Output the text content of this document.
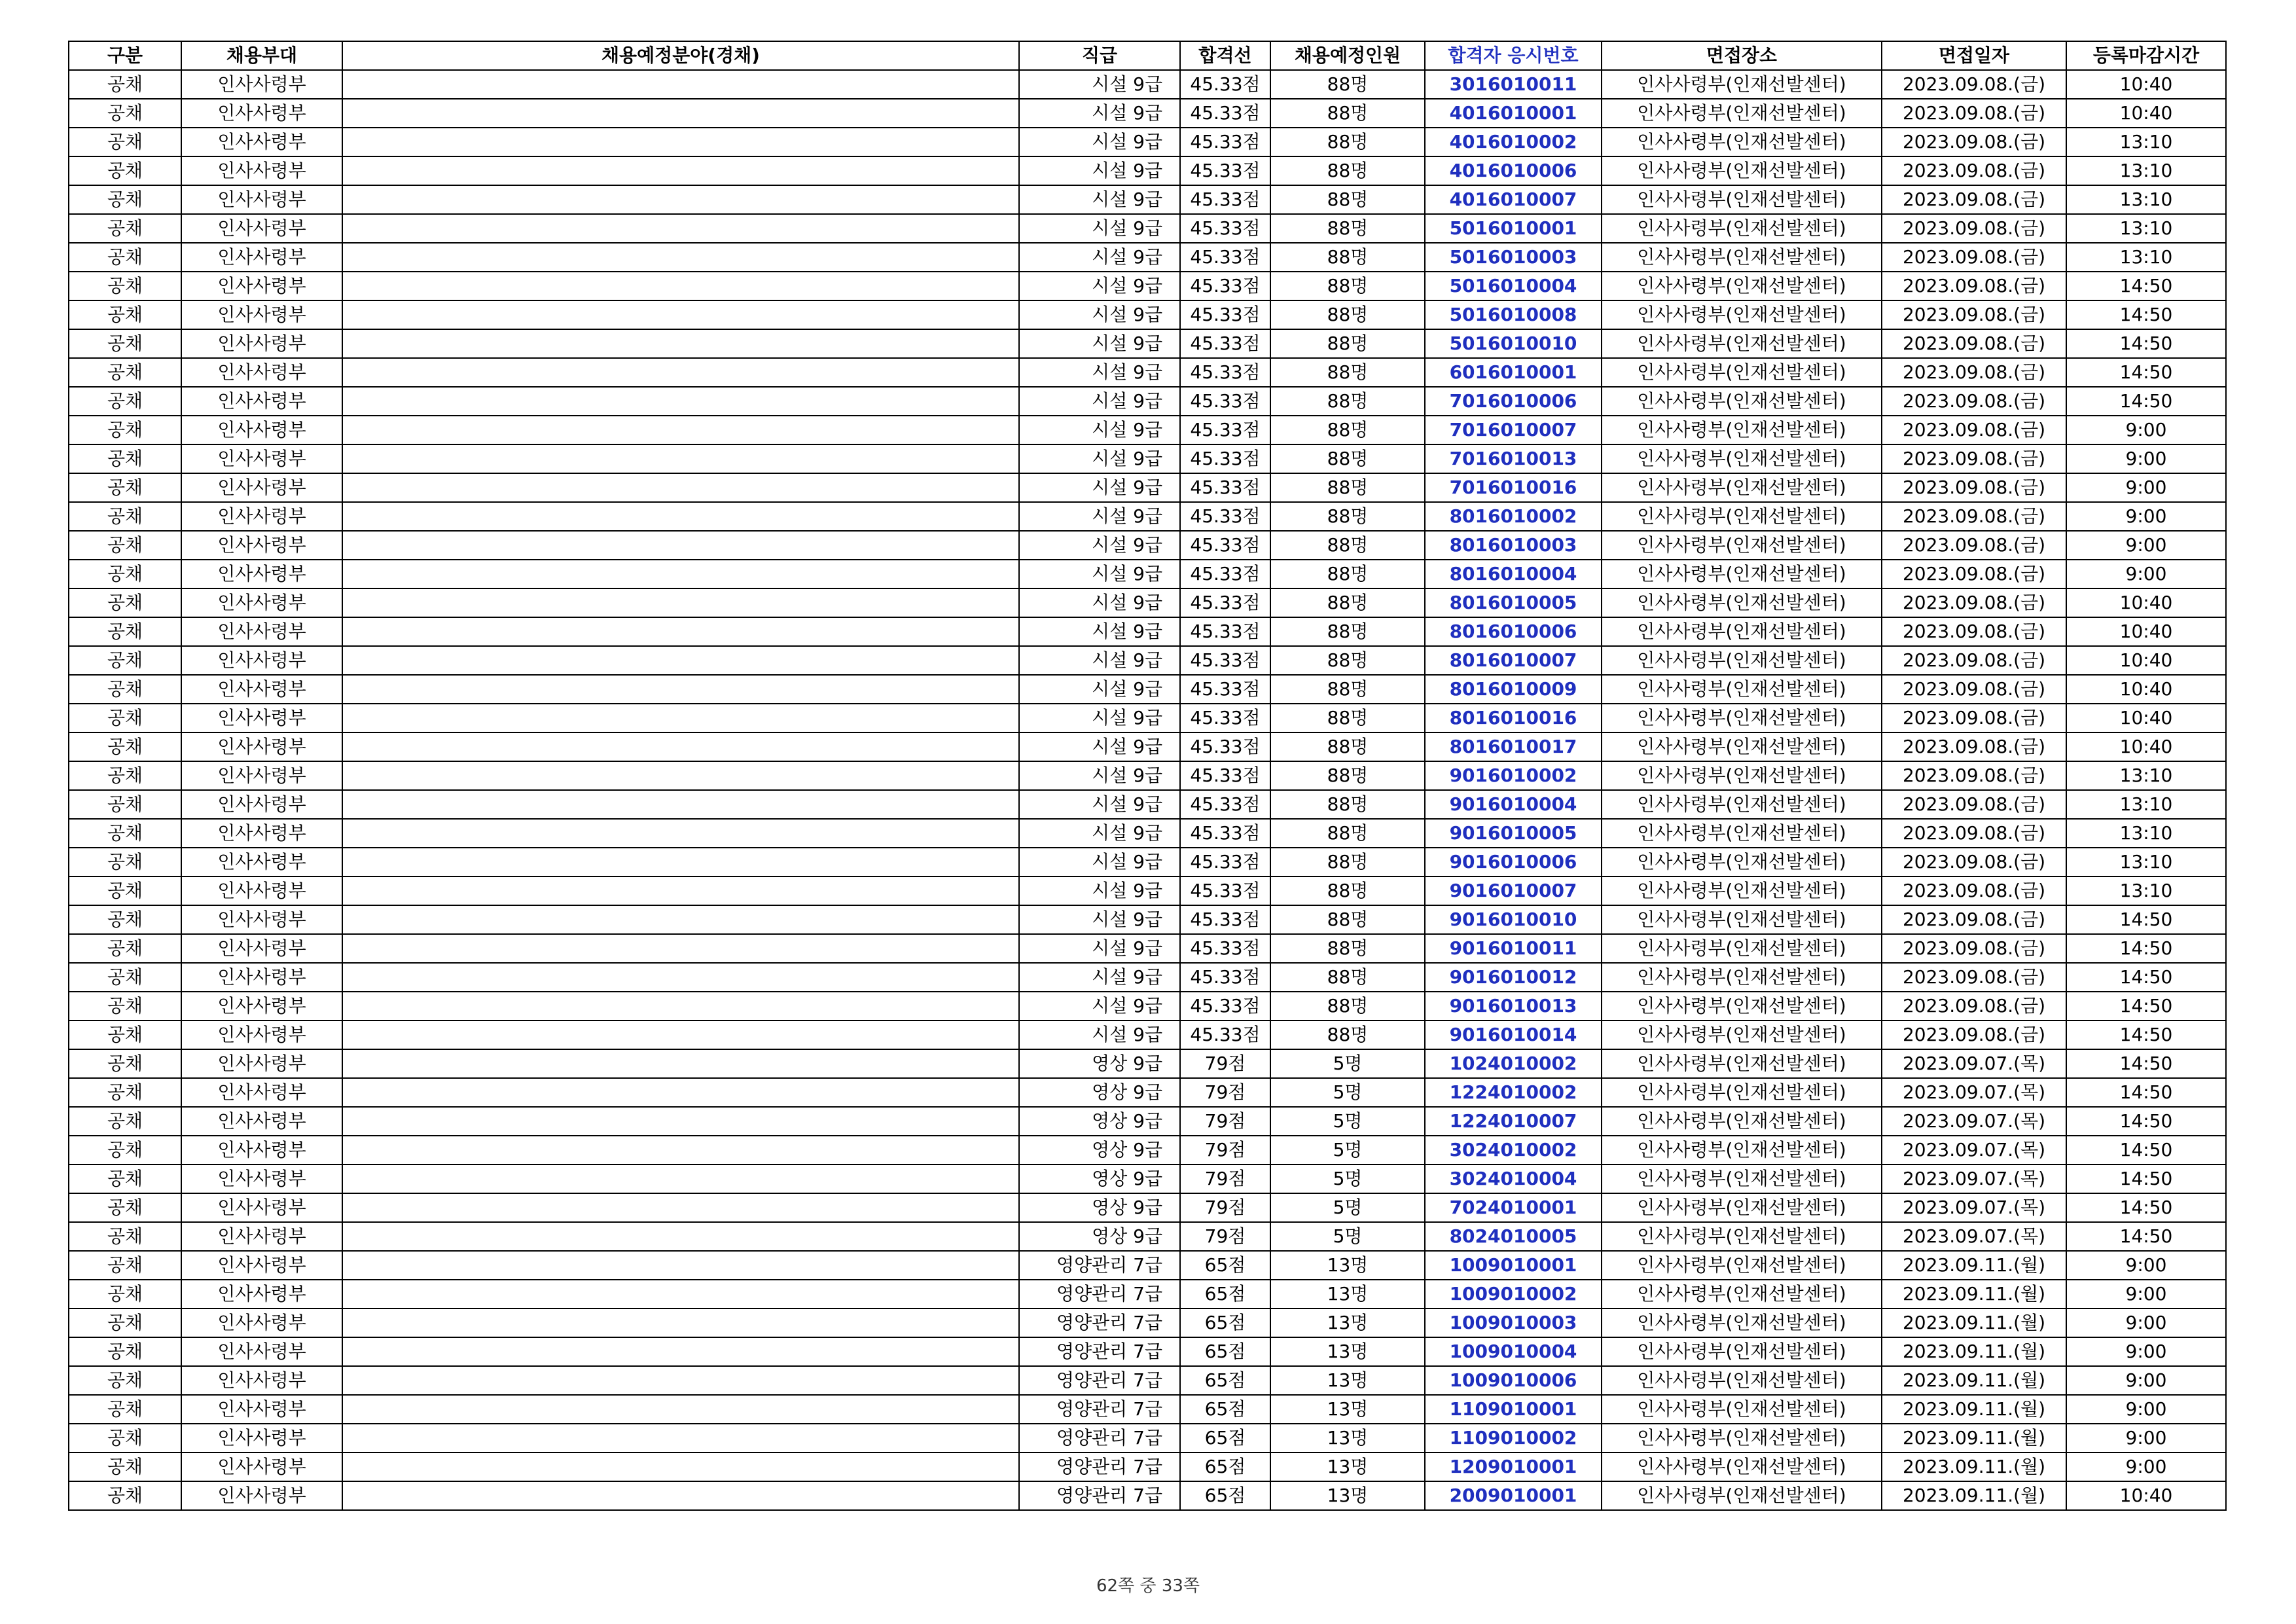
구분	채용부대	채용예정분야(경채)	직급	합격선	채용예정인원	합격자 응시번호	면접장소	면접일자	등록마감시간
공채	인사사령부		시설 9급	45.33점	88명	3016010011	인사사령부(인재선발센터)	2023.09.08.(금)	10:40
공채	인사사령부		시설 9급	45.33점	88명	4016010001	인사사령부(인재선발센터)	2023.09.08.(금)	10:40
공채	인사사령부		시설 9급	45.33점	88명	4016010002	인사사령부(인재선발센터)	2023.09.08.(금)	13:10
공채	인사사령부		시설 9급	45.33점	88명	4016010006	인사사령부(인재선발센터)	2023.09.08.(금)	13:10
공채	인사사령부		시설 9급	45.33점	88명	4016010007	인사사령부(인재선발센터)	2023.09.08.(금)	13:10
공채	인사사령부		시설 9급	45.33점	88명	5016010001	인사사령부(인재선발센터)	2023.09.08.(금)	13:10
공채	인사사령부		시설 9급	45.33점	88명	5016010003	인사사령부(인재선발센터)	2023.09.08.(금)	13:10
공채	인사사령부		시설 9급	45.33점	88명	5016010004	인사사령부(인재선발센터)	2023.09.08.(금)	14:50
공채	인사사령부		시설 9급	45.33점	88명	5016010008	인사사령부(인재선발센터)	2023.09.08.(금)	14:50
공채	인사사령부		시설 9급	45.33점	88명	5016010010	인사사령부(인재선발센터)	2023.09.08.(금)	14:50
공채	인사사령부		시설 9급	45.33점	88명	6016010001	인사사령부(인재선발센터)	2023.09.08.(금)	14:50
공채	인사사령부		시설 9급	45.33점	88명	7016010006	인사사령부(인재선발센터)	2023.09.08.(금)	14:50
공채	인사사령부		시설 9급	45.33점	88명	7016010007	인사사령부(인재선발센터)	2023.09.08.(금)	9:00
공채	인사사령부		시설 9급	45.33점	88명	7016010013	인사사령부(인재선발센터)	2023.09.08.(금)	9:00
공채	인사사령부		시설 9급	45.33점	88명	7016010016	인사사령부(인재선발센터)	2023.09.08.(금)	9:00
공채	인사사령부		시설 9급	45.33점	88명	8016010002	인사사령부(인재선발센터)	2023.09.08.(금)	9:00
공채	인사사령부		시설 9급	45.33점	88명	8016010003	인사사령부(인재선발센터)	2023.09.08.(금)	9:00
공채	인사사령부		시설 9급	45.33점	88명	8016010004	인사사령부(인재선발센터)	2023.09.08.(금)	9:00
공채	인사사령부		시설 9급	45.33점	88명	8016010005	인사사령부(인재선발센터)	2023.09.08.(금)	10:40
공채	인사사령부		시설 9급	45.33점	88명	8016010006	인사사령부(인재선발센터)	2023.09.08.(금)	10:40
공채	인사사령부		시설 9급	45.33점	88명	8016010007	인사사령부(인재선발센터)	2023.09.08.(금)	10:40
공채	인사사령부		시설 9급	45.33점	88명	8016010009	인사사령부(인재선발센터)	2023.09.08.(금)	10:40
공채	인사사령부		시설 9급	45.33점	88명	8016010016	인사사령부(인재선발센터)	2023.09.08.(금)	10:40
공채	인사사령부		시설 9급	45.33점	88명	8016010017	인사사령부(인재선발센터)	2023.09.08.(금)	10:40
공채	인사사령부		시설 9급	45.33점	88명	9016010002	인사사령부(인재선발센터)	2023.09.08.(금)	13:10
공채	인사사령부		시설 9급	45.33점	88명	9016010004	인사사령부(인재선발센터)	2023.09.08.(금)	13:10
공채	인사사령부		시설 9급	45.33점	88명	9016010005	인사사령부(인재선발센터)	2023.09.08.(금)	13:10
공채	인사사령부		시설 9급	45.33점	88명	9016010006	인사사령부(인재선발센터)	2023.09.08.(금)	13:10
공채	인사사령부		시설 9급	45.33점	88명	9016010007	인사사령부(인재선발센터)	2023.09.08.(금)	13:10
공채	인사사령부		시설 9급	45.33점	88명	9016010010	인사사령부(인재선발센터)	2023.09.08.(금)	14:50
공채	인사사령부		시설 9급	45.33점	88명	9016010011	인사사령부(인재선발센터)	2023.09.08.(금)	14:50
공채	인사사령부		시설 9급	45.33점	88명	9016010012	인사사령부(인재선발센터)	2023.09.08.(금)	14:50
공채	인사사령부		시설 9급	45.33점	88명	9016010013	인사사령부(인재선발센터)	2023.09.08.(금)	14:50
공채	인사사령부		시설 9급	45.33점	88명	9016010014	인사사령부(인재선발센터)	2023.09.08.(금)	14:50
공채	인사사령부		영상 9급	79점	5명	1024010002	인사사령부(인재선발센터)	2023.09.07.(목)	14:50
공채	인사사령부		영상 9급	79점	5명	1224010002	인사사령부(인재선발센터)	2023.09.07.(목)	14:50
공채	인사사령부		영상 9급	79점	5명	1224010007	인사사령부(인재선발센터)	2023.09.07.(목)	14:50
공채	인사사령부		영상 9급	79점	5명	3024010002	인사사령부(인재선발센터)	2023.09.07.(목)	14:50
공채	인사사령부		영상 9급	79점	5명	3024010004	인사사령부(인재선발센터)	2023.09.07.(목)	14:50
공채	인사사령부		영상 9급	79점	5명	7024010001	인사사령부(인재선발센터)	2023.09.07.(목)	14:50
공채	인사사령부		영상 9급	79점	5명	8024010005	인사사령부(인재선발센터)	2023.09.07.(목)	14:50
공채	인사사령부		영양관리 7급	65점	13명	1009010001	인사사령부(인재선발센터)	2023.09.11.(월)	9:00
공채	인사사령부		영양관리 7급	65점	13명	1009010002	인사사령부(인재선발센터)	2023.09.11.(월)	9:00
공채	인사사령부		영양관리 7급	65점	13명	1009010003	인사사령부(인재선발센터)	2023.09.11.(월)	9:00
공채	인사사령부		영양관리 7급	65점	13명	1009010004	인사사령부(인재선발센터)	2023.09.11.(월)	9:00
공채	인사사령부		영양관리 7급	65점	13명	1009010006	인사사령부(인재선발센터)	2023.09.11.(월)	9:00
공채	인사사령부		영양관리 7급	65점	13명	1109010001	인사사령부(인재선발센터)	2023.09.11.(월)	9:00
공채	인사사령부		영양관리 7급	65점	13명	1109010002	인사사령부(인재선발센터)	2023.09.11.(월)	9:00
공채	인사사령부		영양관리 7급	65점	13명	1209010001	인사사령부(인재선발센터)	2023.09.11.(월)	9:00
공채	인사사령부		영양관리 7급	65점	13명	2009010001	인사사령부(인재선발센터)	2023.09.11.(월)	10:40
62쪽 중 33쪽
